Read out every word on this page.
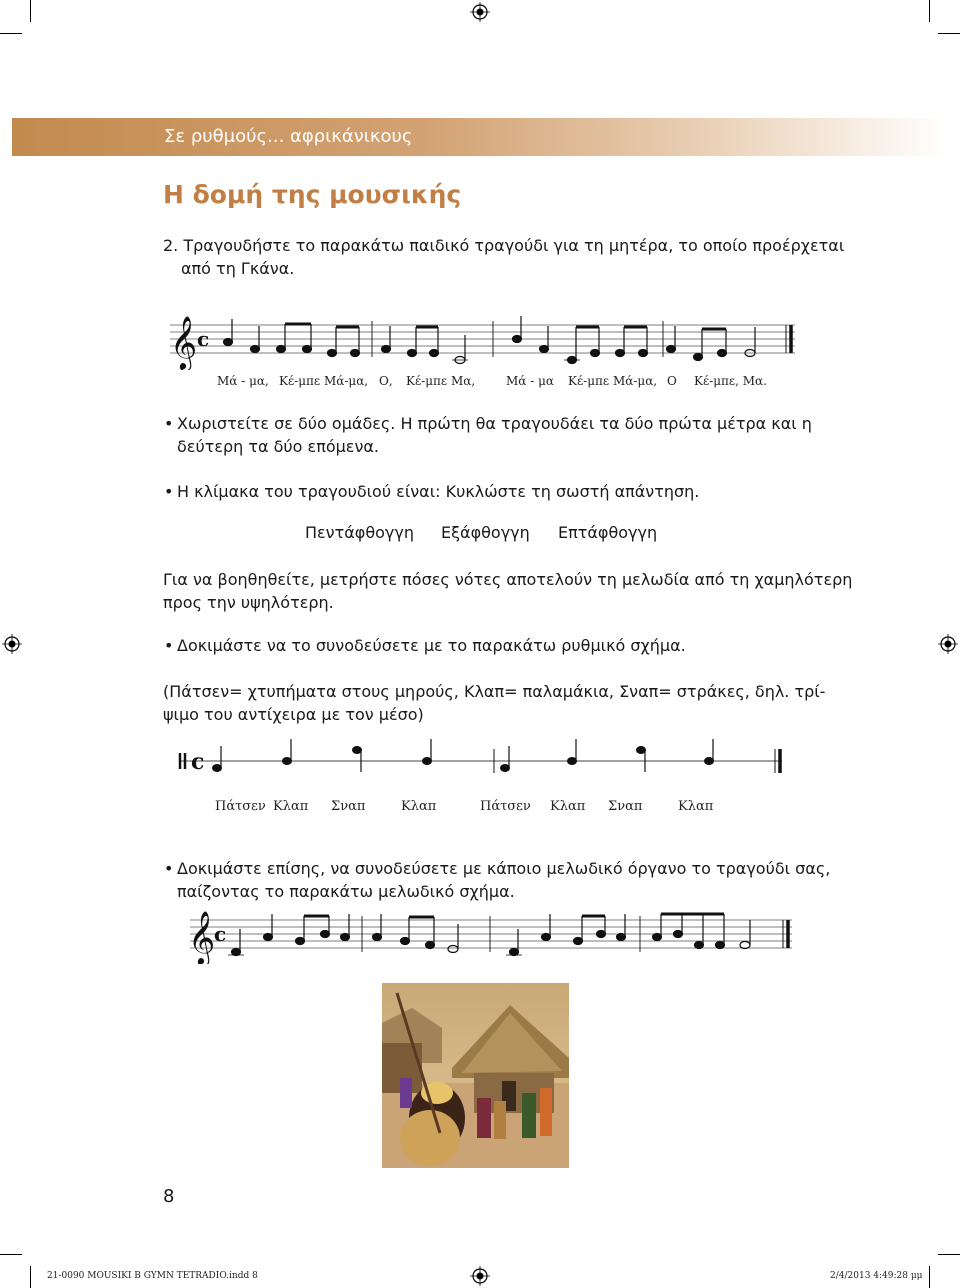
Σε ρυθμούς... αφρικάνικους
Η δομή της μουσικής
2. Τραγουδήστε το παρακάτω παιδικό τραγούδι για τη μητέρα, το οποίο προέρχεται
από τη Γκάνα.
𝄞 c
Μά - μα, Κέ-μπε Μά-μα, Ο, Κέ-μπε Μα,	Μά - μα Κέ-μπε Μά-μα, Ο Κέ-μπε, Μα.
• Χωριστείτε σε δύο ομάδες. Η πρώτη θα τραγουδάει τα δύο πρώτα μέτρα και η
δεύτερη τα δύο επόμενα.
• Η κλίμακα του τραγουδιού είναι: Κυκλώστε τη σωστή απάντηση.
Πεντάφθογγη Εξάφθογγη Επτάφθογγη
Για να βοηθηθείτε, μετρήστε πόσες νότες αποτελούν τη μελωδία από τη χαμηλότερη
προς την υψηλότερη.
• Δοκιμάστε να το συνοδεύσετε με το παρακάτω ρυθμικό σχήμα.
(Πάτσεν= χτυπήματα στους μηρούς, Κλαπ= παλαμάκια, Σναπ= στράκες, δηλ. τρί-
ψιμο του αντίχειρα με τον μέσο)
c
Πάτσεν Κλαπ Σναπ	Κλαπ	Πάτσεν Κλαπ Σναπ	Κλαπ
• Δοκιμάστε επίσης, να συνοδεύσετε με κάποιο μελωδικό όργανο το τραγούδι σας,
παίζοντας το παρακάτω μελωδικό σχήμα.
𝄞
c
8
21-0090 MOUSIKI B GYMN TETRADIO.indd 8	2/4/2013 4:49:28 μμ
